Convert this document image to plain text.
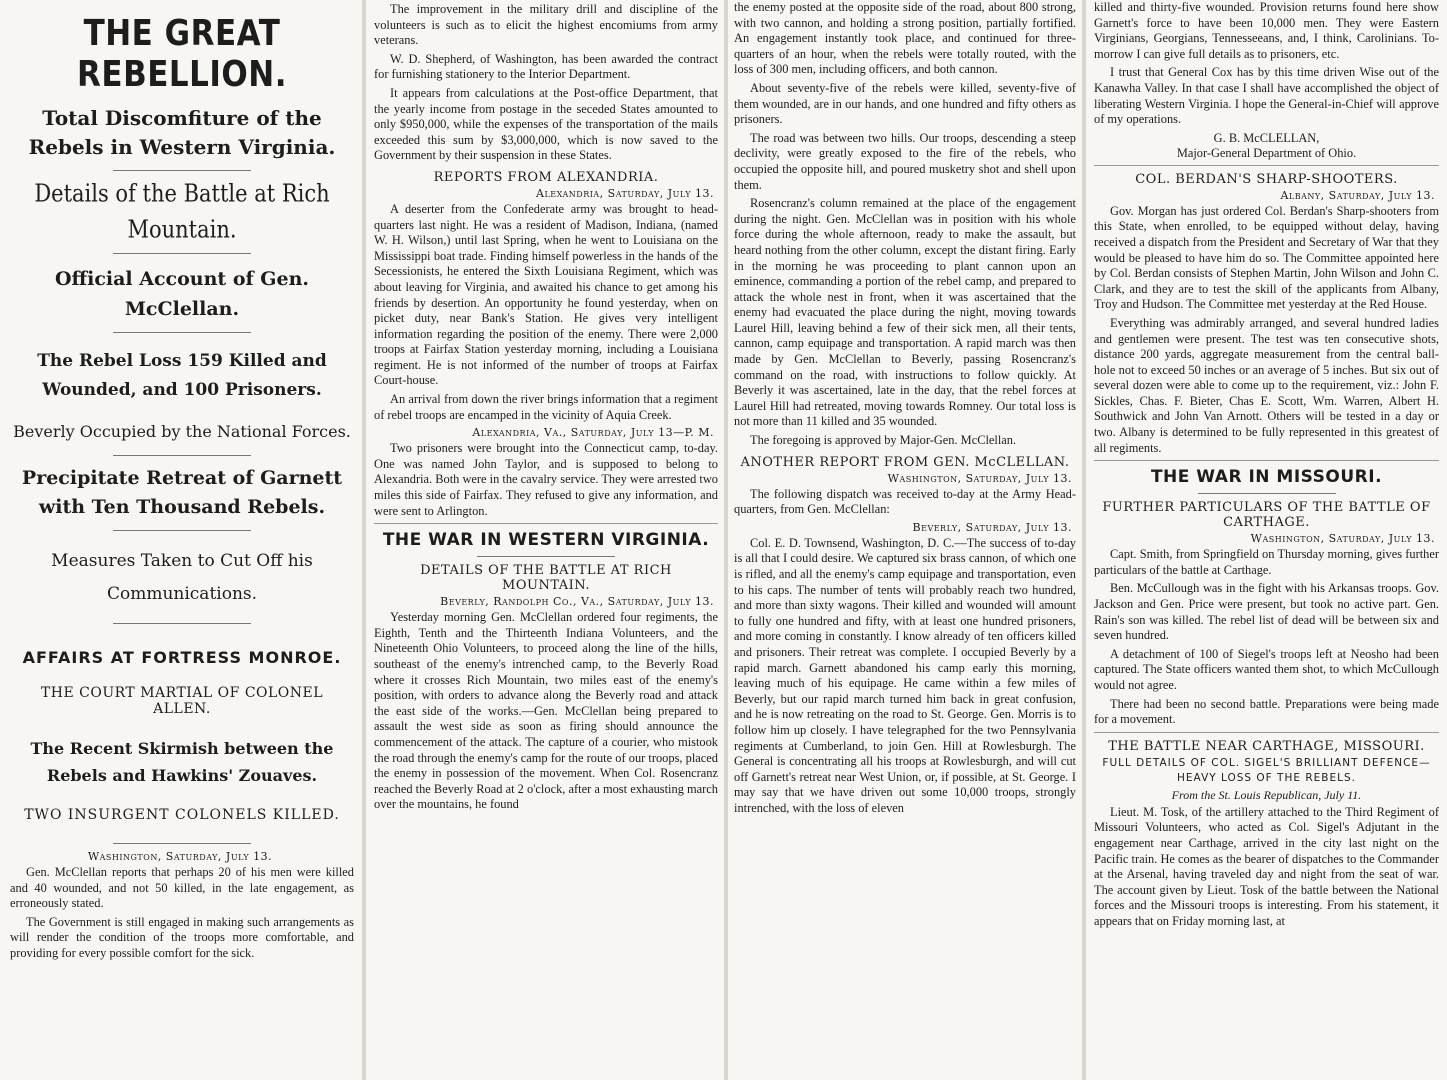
THE GREAT REBELLION.
Total Discomfiture of the Rebels in Western Virginia.
Details of the Battle at Rich Mountain.
Official Account of Gen. McClellan.
The Rebel Loss 159 Killed and Wounded, and 100 Prisoners.
Beverly Occupied by the National Forces.
Precipitate Retreat of Garnett with Ten Thousand Rebels.
Measures Taken to Cut Off his Communications.
AFFAIRS AT FORTRESS MONROE.
THE COURT MARTIAL OF COLONEL ALLEN.
The Recent Skirmish between the Rebels and Hawkins' Zouaves.
TWO INSURGENT COLONELS KILLED.
Washington, Saturday, July 13.

Gen. McClellan reports that perhaps 20 of his men were killed and 40 wounded, and not 50 killed, in the late engagement, as erroneously stated.

The Government is still engaged in making such arrangements as will render the condition of the troops more comfortable, and providing for every possible comfort for the sick.

The improvement in the military drill and discipline of the volunteers is such as to elicit the highest encomiums from army veterans.

W. D. Shepherd, of Washington, has been awarded the contract for furnishing stationery to the Interior Department.

It appears from calculations at the Post-office Department, that the yearly income from postage in the seceded States amounted to only $950,000, while the expenses of the transportation of the mails exceeded this sum by $3,000,000, which is now saved to the Government by their suspension in these States.

REPORTS FROM ALEXANDRIA.
Alexandria, Saturday, July 13.

A deserter from the Confederate army was brought to head-quarters last night. He was a resident of Madison, Indiana, (named W. H. Wilson,) until last Spring, when he went to Louisiana on the Mississippi boat trade. Finding himself powerless in the hands of the Secessionists, he entered the Sixth Louisiana Regiment, which was about leaving for Virginia, and awaited his chance to get among his friends by desertion. An opportunity he found yesterday, when on picket duty, near Bank's Station. He gives very intelligent information regarding the position of the enemy. There were 2,000 troops at Fairfax Station yesterday morning, including a Louisiana regiment. He is not informed of the number of troops at Fairfax Court-house.

An arrival from down the river brings information that a regiment of rebel troops are encamped in the vicinity of Aquia Creek.

Alexandria, Va., Saturday, July 13—P. M.

Two prisoners were brought into the Connecticut camp, to-day. One was named John Taylor, and is supposed to belong to Alexandria. Both were in the cavalry service. They were arrested two miles this side of Fairfax. They refused to give any information, and were sent to Arlington.

THE WAR IN WESTERN VIRGINIA.
DETAILS OF THE BATTLE AT RICH MOUNTAIN.
Beverly, Randolph Co., Va., Saturday, July 13.

Yesterday morning Gen. McClellan ordered four regiments, the Eighth, Tenth and the Thirteenth Indiana Volunteers, and the Nineteenth Ohio Volunteers, to proceed along the line of the hills, southeast of the enemy's intrenched camp, to the Beverly Road where it crosses Rich Mountain, two miles east of the enemy's position, with orders to advance along the Beverly road and attack the east side of the works.—Gen. McClellan being prepared to assault the west side as soon as firing should announce the commencement of the attack. The capture of a courier, who mistook the road through the enemy's camp for the route of our troops, placed the enemy in possession of the movement. When Col. Rosencranz reached the Beverly Road at 2 o'clock, after a most exhausting march over the mountains, he found

the enemy posted at the opposite side of the road, about 800 strong, with two cannon, and holding a strong position, partially fortified. An engagement instantly took place, and continued for three-quarters of an hour, when the rebels were totally routed, with the loss of 300 men, including officers, and both cannon.

About seventy-five of the rebels were killed, seventy-five of them wounded, are in our hands, and one hundred and fifty others as prisoners.

The road was between two hills. Our troops, descending a steep declivity, were greatly exposed to the fire of the rebels, who occupied the opposite hill, and poured musketry shot and shell upon them.

Rosencranz's column remained at the place of the engagement during the night. Gen. McClellan was in position with his whole force during the whole afternoon, ready to make the assault, but heard nothing from the other column, except the distant firing. Early in the morning he was proceeding to plant cannon upon an eminence, commanding a portion of the rebel camp, and prepared to attack the whole nest in front, when it was ascertained that the enemy had evacuated the place during the night, moving towards Laurel Hill, leaving behind a few of their sick men, all their tents, cannon, camp equipage and transportation. A rapid march was then made by Gen. McClellan to Beverly, passing Rosencranz's command on the road, with instructions to follow quickly. At Beverly it was ascertained, late in the day, that the rebel forces at Laurel Hill had retreated, moving towards Romney. Our total loss is not more than 11 killed and 35 wounded.

The foregoing is approved by Major-Gen. McClellan.

ANOTHER REPORT FROM GEN. McCLELLAN.
Washington, Saturday, July 13.

The following dispatch was received to-day at the Army Head-quarters, from Gen. McClellan:

Beverly, Saturday, July 13.

Col. E. D. Townsend, Washington, D. C.—The success of to-day is all that I could desire. We captured six brass cannon, of which one is rifled, and all the enemy's camp equipage and transportation, even to his caps. The number of tents will probably reach two hundred, and more than sixty wagons. Their killed and wounded will amount to fully one hundred and fifty, with at least one hundred prisoners, and more coming in constantly. I know already of ten officers killed and prisoners. Their retreat was complete. I occupied Beverly by a rapid march. Garnett abandoned his camp early this morning, leaving much of his equipage. He came within a few miles of Beverly, but our rapid march turned him back in great confusion, and he is now retreating on the road to St. George. Gen. Morris is to follow him up closely. I have telegraphed for the two Pennsylvania regiments at Cumberland, to join Gen. Hill at Rowlesburgh. The General is concentrating all his troops at Rowlesburgh, and will cut off Garnett's retreat near West Union, or, if possible, at St. George. I may say that we have driven out some 10,000 troops, strongly intrenched, with the loss of eleven

killed and thirty-five wounded. Provision returns found here show Garnett's force to have been 10,000 men. They were Eastern Virginians, Georgians, Tennesseeans, and, I think, Carolinians. To-morrow I can give full details as to prisoners, etc.

I trust that General Cox has by this time driven Wise out of the Kanawha Valley. In that case I shall have accomplished the object of liberating Western Virginia. I hope the General-in-Chief will approve of my operations.

G. B. McCLELLAN,
Major-General Department of Ohio.
COL. BERDAN'S SHARP-SHOOTERS.
Albany, Saturday, July 13.

Gov. Morgan has just ordered Col. Berdan's Sharp-shooters from this State, when enrolled, to be equipped without delay, having received a dispatch from the President and Secretary of War that they would be pleased to have him do so. The Committee appointed here by Col. Berdan consists of Stephen Martin, John Wilson and John C. Clark, and they are to test the skill of the applicants from Albany, Troy and Hudson. The Committee met yesterday at the Red House.

Everything was admirably arranged, and several hundred ladies and gentlemen were present. The test was ten consecutive shots, distance 200 yards, aggregate measurement from the central ball-hole not to exceed 50 inches or an average of 5 inches. But six out of several dozen were able to come up to the requirement, viz.: John F. Sickles, Chas. F. Bieter, Chas E. Scott, Wm. Warren, Albert H. Southwick and John Van Arnott. Others will be tested in a day or two. Albany is determined to be fully represented in this greatest of all regiments.

THE WAR IN MISSOURI.
FURTHER PARTICULARS OF THE BATTLE OF CARTHAGE.
Washington, Saturday, July 13.

Capt. Smith, from Springfield on Thursday morning, gives further particulars of the battle at Carthage.

Ben. McCullough was in the fight with his Arkansas troops. Gov. Jackson and Gen. Price were present, but took no active part. Gen. Rain's son was killed. The rebel list of dead will be between six and seven hundred.

A detachment of 100 of Siegel's troops left at Neosho had been captured. The State officers wanted them shot, to which McCullough would not agree.

There had been no second battle. Preparations were being made for a movement.

THE BATTLE NEAR CARTHAGE, MISSOURI.
FULL DETAILS OF COL. SIGEL'S BRILLIANT DEFENCE—HEAVY LOSS OF THE REBELS.
From the St. Louis Republican, July 11.

Lieut. M. Tosk, of the artillery attached to the Third Regiment of Missouri Volunteers, who acted as Col. Sigel's Adjutant in the engagement near Carthage, arrived in the city last night on the Pacific train. He comes as the bearer of dispatches to the Commander at the Arsenal, having traveled day and night from the seat of war. The account given by Lieut. Tosk of the battle between the National forces and the Missouri troops is interesting. From his statement, it appears that on Friday morning last, at
